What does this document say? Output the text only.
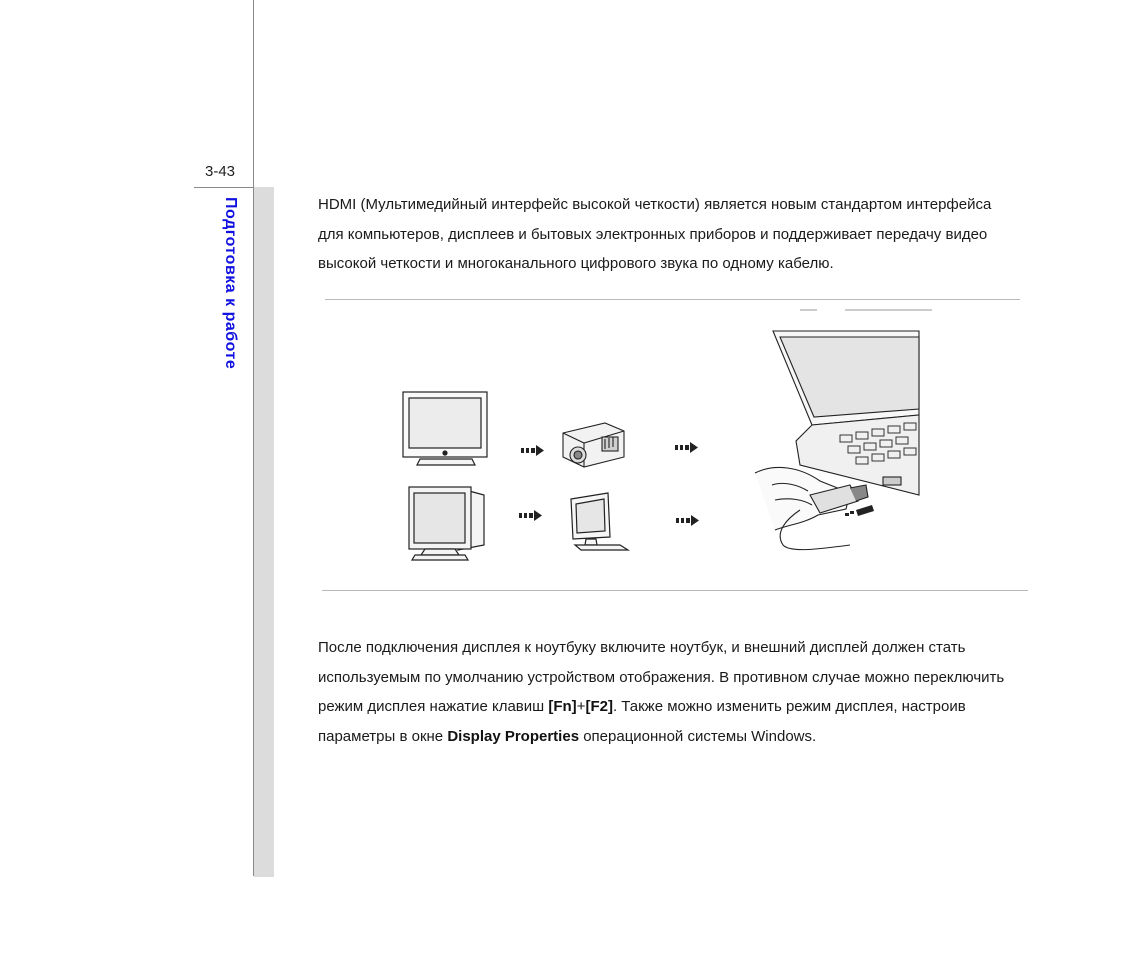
3-43
Подготовка к работе	HDMI (Мультимедийный интерфейс высокой четкости) является новым стандартом интерфейса для компьютеров, дисплеев и бытовых электронных приборов и поддерживает передачу видео высокой четкости и многоканального цифрового звука по одному кабелю.

После подключения дисплея к ноутбуку включите ноутбук, и внешний дисплей должен стать используемым по умолчанию устройством отображения. В противном случае можно переключить режим дисплея нажатие клавиш [Fn]+[F2]. Также можно изменить режим дисплея, настроив параметры в окне Display Properties операционной системы Windows.
